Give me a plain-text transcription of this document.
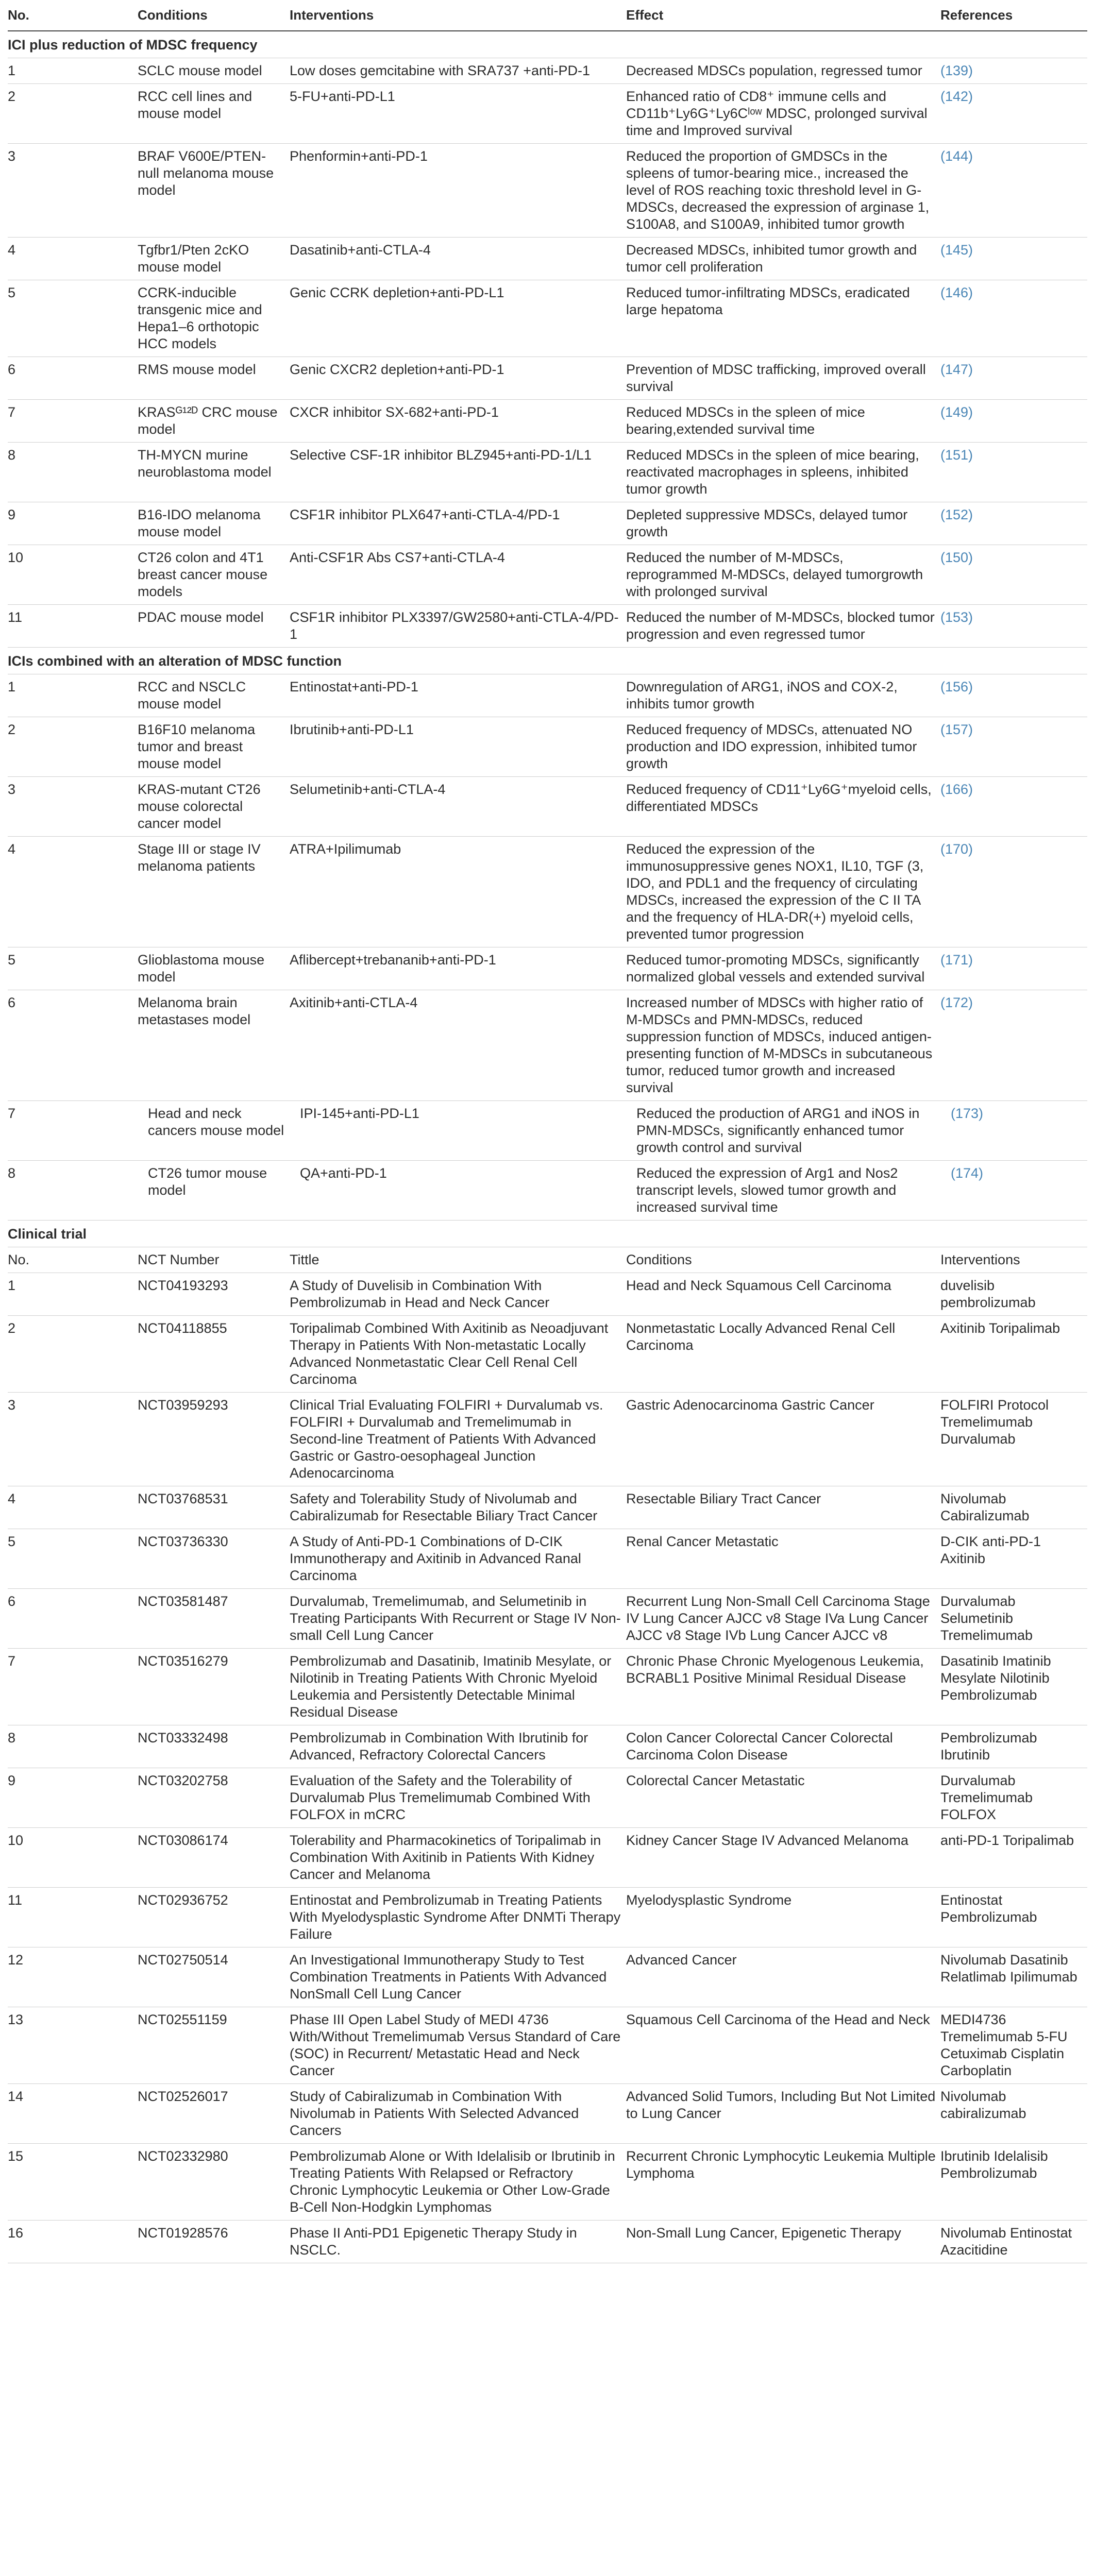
No.	Conditions	Interventions	Effect	References
ICI plus reduction of MDSC frequency				
1	SCLC mouse model	Low doses gemcitabine with SRA737 +anti-PD-1	Decreased MDSCs population, regressed tumor	(139)
2	RCC cell lines and mouse model	5-FU+anti-PD-L1	Enhanced ratio of CD8⁺ immune cells and CD11b⁺Ly6G⁺Ly6Cˡᵒʷ MDSC, prolonged survival time and Improved survival	(142)
3	BRAF V600E/PTEN-null melanoma mouse model	Phenformin+anti-PD-1	Reduced the proportion of GMDSCs in the spleens of tumor-bearing mice., increased the level of ROS reaching toxic threshold level in G-MDSCs, decreased the expression of arginase 1, S100A8, and S100A9, inhibited tumor growth	(144)
4	Tgfbr1/Pten 2cKO mouse model	Dasatinib+anti-CTLA-4	Decreased MDSCs, inhibited tumor growth and tumor cell proliferation	(145)
5	CCRK-inducible transgenic mice and Hepa1–6 orthotopic HCC models	Genic CCRK depletion+anti-PD-L1	Reduced tumor-infiltrating MDSCs, eradicated large hepatoma	(146)
6	RMS mouse model	Genic CXCR2 depletion+anti-PD-1	Prevention of MDSC trafficking, improved overall survival	(147)
7	KRASᴳ¹²ᴰ CRC mouse model	CXCR inhibitor SX-682+anti-PD-1	Reduced MDSCs in the spleen of mice bearing,extended survival time	(149)
8	TH-MYCN murine neuroblastoma model	Selective CSF-1R inhibitor BLZ945+anti-PD-1/L1	Reduced MDSCs in the spleen of mice bearing, reactivated macrophages in spleens, inhibited tumor growth	(151)
9	B16-IDO melanoma mouse model	CSF1R inhibitor PLX647+anti-CTLA-4/PD-1	Depleted suppressive MDSCs, delayed tumor growth	(152)
10	CT26 colon and 4T1 breast cancer mouse models	Anti-CSF1R Abs CS7+anti-CTLA-4	Reduced the number of M-MDSCs, reprogrammed M-MDSCs, delayed tumorgrowth with prolonged survival	(150)
11	PDAC mouse model	CSF1R inhibitor PLX3397/GW2580+anti-CTLA-4/PD-1	Reduced the number of M-MDSCs, blocked tumor progression and even regressed tumor	(153)
ICIs combined with an alteration of MDSC function				
1	RCC and NSCLC mouse model	Entinostat+anti-PD-1	Downregulation of ARG1, iNOS and COX-2, inhibits tumor growth	(156)
2	B16F10 melanoma tumor and breast mouse model	Ibrutinib+anti-PD-L1	Reduced frequency of MDSCs, attenuated NO production and IDO expression, inhibited tumor growth	(157)
3	KRAS-mutant CT26 mouse colorectal cancer model	Selumetinib+anti-CTLA-4	Reduced frequency of CD11⁺Ly6G⁺myeloid cells, differentiated MDSCs	(166)
4	Stage III or stage IV melanoma patients	ATRA+Ipilimumab	Reduced the expression of the immunosuppressive genes NOX1, IL10, TGF (3, IDO, and PDL1 and the frequency of circulating MDSCs, increased the expression of the C II TA and the frequency of HLA-DR(+) myeloid cells, prevented tumor progression	(170)
5	Glioblastoma mouse model	Aflibercept+trebananib+anti-PD-1	Reduced tumor-promoting MDSCs, significantly normalized global vessels and extended survival	(171)
6	Melanoma brain metastases model	Axitinib+anti-CTLA-4	Increased number of MDSCs with higher ratio of M-MDSCs and PMN-MDSCs, reduced suppression function of MDSCs, induced antigen-presenting function of M-MDSCs in subcutaneous tumor, reduced tumor growth and increased survival	(172)
7	Head and neck cancers mouse model	IPI-145+anti-PD-L1	Reduced the production of ARG1 and iNOS in PMN-MDSCs, significantly enhanced tumor growth control and survival	(173)
8	CT26 tumor mouse model	QA+anti-PD-1	Reduced the expression of Arg1 and Nos2 transcript levels, slowed tumor growth and increased survival time	(174)
Clinical trial				
No.	NCT Number	Tittle	Conditions	Interventions
1	NCT04193293	A Study of Duvelisib in Combination With Pembrolizumab in Head and Neck Cancer	Head and Neck Squamous Cell Carcinoma	duvelisib pembrolizumab
2	NCT04118855	Toripalimab Combined With Axitinib as Neoadjuvant Therapy in Patients With Non-metastatic Locally Advanced Nonmetastatic Clear Cell Renal Cell Carcinoma	Nonmetastatic Locally Advanced Renal Cell Carcinoma	Axitinib Toripalimab
3	NCT03959293	Clinical Trial Evaluating FOLFIRI + Durvalumab vs. FOLFIRI + Durvalumab and Tremelimumab in Second-line Treatment of Patients With Advanced Gastric or Gastro-oesophageal Junction Adenocarcinoma	Gastric Adenocarcinoma Gastric Cancer	FOLFIRI Protocol Tremelimumab Durvalumab
4	NCT03768531	Safety and Tolerability Study of Nivolumab and Cabiralizumab for Resectable Biliary Tract Cancer	Resectable Biliary Tract Cancer	Nivolumab Cabiralizumab
5	NCT03736330	A Study of Anti-PD-1 Combinations of D-CIK Immunotherapy and Axitinib in Advanced Ranal Carcinoma	Renal Cancer Metastatic	D-CIK anti-PD-1 Axitinib
6	NCT03581487	Durvalumab, Tremelimumab, and Selumetinib in Treating Participants With Recurrent or Stage IV Non-small Cell Lung Cancer	Recurrent Lung Non-Small Cell Carcinoma Stage IV Lung Cancer AJCC v8 Stage IVa Lung Cancer AJCC v8 Stage IVb Lung Cancer AJCC v8	Durvalumab Selumetinib Tremelimumab
7	NCT03516279	Pembrolizumab and Dasatinib, Imatinib Mesylate, or Nilotinib in Treating Patients With Chronic Myeloid Leukemia and Persistently Detectable Minimal Residual Disease	Chronic Phase Chronic Myelogenous Leukemia, BCRABL1 Positive Minimal Residual Disease	Dasatinib Imatinib Mesylate Nilotinib Pembrolizumab
8	NCT03332498	Pembrolizumab in Combination With Ibrutinib for Advanced, Refractory Colorectal Cancers	Colon Cancer Colorectal Cancer Colorectal Carcinoma Colon Disease	Pembrolizumab Ibrutinib
9	NCT03202758	Evaluation of the Safety and the Tolerability of Durvalumab Plus Tremelimumab Combined With FOLFOX in mCRC	Colorectal Cancer Metastatic	Durvalumab Tremelimumab FOLFOX
10	NCT03086174	Tolerability and Pharmacokinetics of Toripalimab in Combination With Axitinib in Patients With Kidney Cancer and Melanoma	Kidney Cancer Stage IV Advanced Melanoma	anti-PD-1 Toripalimab
11	NCT02936752	Entinostat and Pembrolizumab in Treating Patients With Myelodysplastic Syndrome After DNMTi Therapy Failure	Myelodysplastic Syndrome	Entinostat Pembrolizumab
12	NCT02750514	An Investigational Immunotherapy Study to Test Combination Treatments in Patients With Advanced NonSmall Cell Lung Cancer	Advanced Cancer	Nivolumab Dasatinib Relatlimab Ipilimumab
13	NCT02551159	Phase III Open Label Study of MEDI 4736 With/Without Tremelimumab Versus Standard of Care (SOC) in Recurrent/ Metastatic Head and Neck Cancer	Squamous Cell Carcinoma of the Head and Neck	MEDI4736 Tremelimumab 5-FU Cetuximab Cisplatin Carboplatin
14	NCT02526017	Study of Cabiralizumab in Combination With Nivolumab in Patients With Selected Advanced Cancers	Advanced Solid Tumors, Including But Not Limited to Lung Cancer	Nivolumab cabiralizumab
15	NCT02332980	Pembrolizumab Alone or With Idelalisib or Ibrutinib in Treating Patients With Relapsed or Refractory Chronic Lymphocytic Leukemia or Other Low-Grade B-Cell Non-Hodgkin Lymphomas	Recurrent Chronic Lymphocytic Leukemia Multiple Lymphoma	Ibrutinib Idelalisib Pembrolizumab
16	NCT01928576	Phase II Anti-PD1 Epigenetic Therapy Study in NSCLC.	Non-Small Lung Cancer, Epigenetic Therapy	Nivolumab Entinostat Azacitidine
